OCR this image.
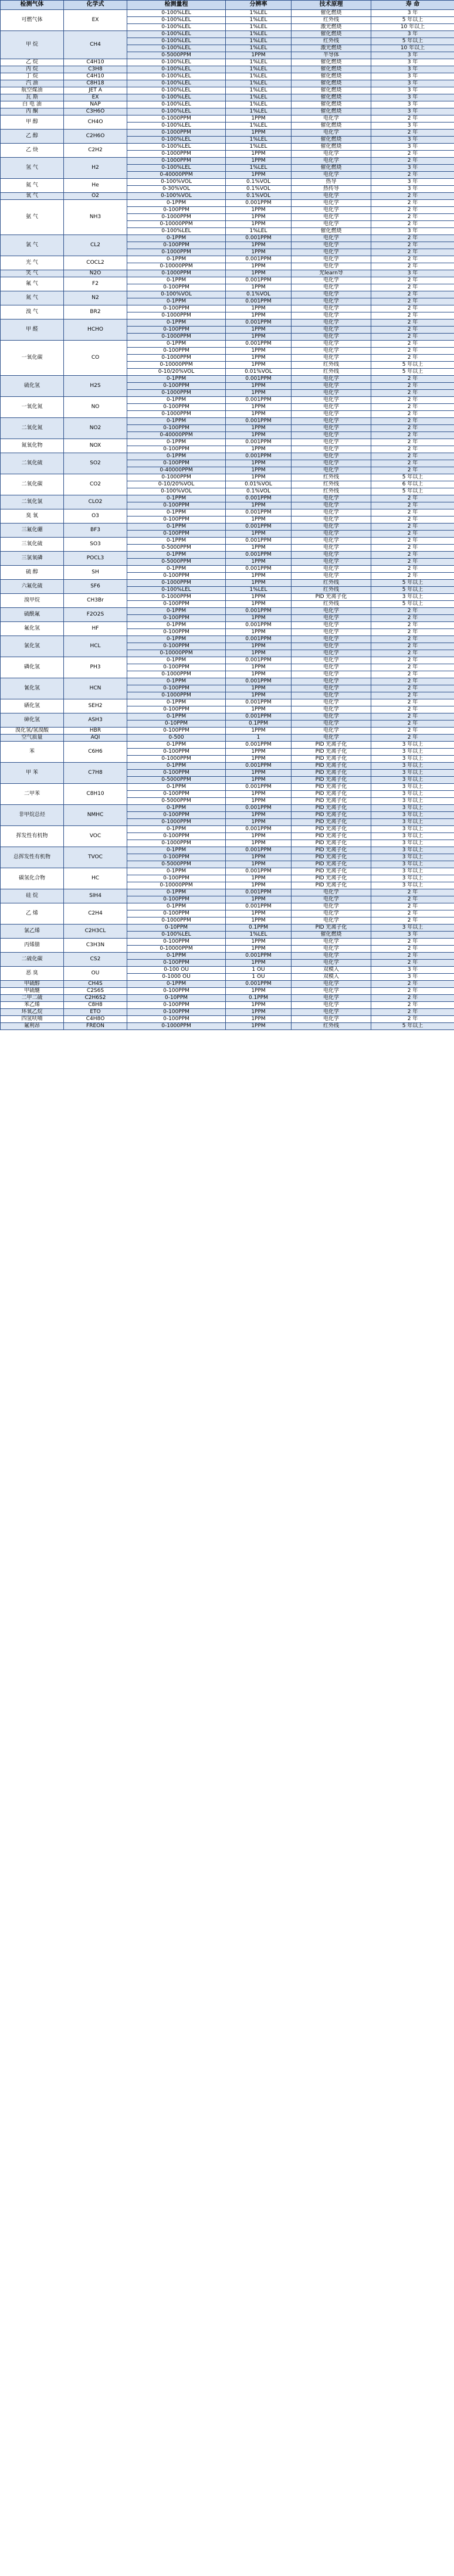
检测气体	化学式	检测量程	分辨率	技术原理	寿 命
可燃气体	EX	0-100%LEL	1%LEL	催化燃烧	3 年
		0-100%LEL	1%LEL	红外线	5 年以上
		0-100%LEL	1%LEL	激光燃烧	10 年以上
甲 烷	CH4	0-100%LEL	1%LEL	催化燃烧	3 年
		0-100%LEL	1%LEL	红外线	5 年以上
		0-100%LEL	1%LEL	激光燃烧	10 年以上
		0-5000PPM	1PPM	半导体	3 年
乙 烷	C4H10	0-100%LEL	1%LEL	催化燃烧	3 年
丙 烷	C3H8	0-100%LEL	1%LEL	催化燃烧	3 年
丁 烷	C4H10	0-100%LEL	1%LEL	催化燃烧	3 年
汽 油	C8H18	0-100%LEL	1%LEL	催化燃烧	3 年
航空煤油	JET A	0-100%LEL	1%LEL	催化燃烧	3 年
瓦 斯	EX	0-100%LEL	1%LEL	催化燃烧	3 年
白 电 油	NAP	0-100%LEL	1%LEL	催化燃烧	3 年
丙 酮	C3H6O	0-100%LEL	1%LEL	催化燃烧	3 年
甲 醇	CH4O	0-1000PPM	1PPM	电化学	2 年
		0-100%LEL	1%LEL	催化燃烧	3 年
乙 醇	C2H6O	0-1000PPM	1PPM	电化学	2 年
		0-100%LEL	1%LEL	催化燃烧	3 年
乙 炔	C2H2	0-100%LEL	1%LEL	催化燃烧	3 年
		0-1000PPM	1PPM	电化学	2 年
氢 气	H2	0-1000PPM	1PPM	电化学	2 年
		0-100%LEL	1%LEL	催化燃烧	3 年
		0-40000PPM	1PPM	电化学	2 年
氦 气	He	0-100%VOL	0.1%VOL	热导	3 年
		0-30%VOL	0.1%VOL	热传导	3 年
氧 气	O2	0-100%VOL	0.1%VOL	电化学	2 年
氨 气	NH3	0-1PPM	0.001PPM	电化学	2 年
		0-100PPM	1PPM	电化学	2 年
		0-1000PPM	1PPM	电化学	2 年
		0-10000PPM	1PPM	电化学	2 年
		0-100%LEL	1%LEL	催化燃烧	3 年
氯 气	CL2	0-1PPM	0.001PPM	电化学	2 年
		0-100PPM	1PPM	电化学	2 年
		0-1000PPM	1PPM	电化学	2 年
光 气	COCL2	0-1PPM	0.001PPM	电化学	2 年
		0-10000PPM	1PPM	电化学	2 年
笑 气	N2O	0-1000PPM	1PPM	光learn导	3 年
氟 气	F2	0-1PPM	0.001PPM	电化学	2 年
		0-100PPM	1PPM	电化学	2 年
氮 气	N2	0-100%VOL	0.1%VOL	电化学	2 年
		0-1PPM	0.001PPM	电化学	2 年
溴 气	BR2	0-100PPM	1PPM	电化学	2 年
		0-1000PPM	1PPM	电化学	2 年
甲 醛	HCHO	0-1PPM	0.001PPM	电化学	2 年
		0-100PPM	1PPM	电化学	2 年
		0-1000PPM	1PPM	电化学	2 年
一氧化碳	CO	0-1PPM	0.001PPM	电化学	2 年
		0-100PPM	1PPM	电化学	2 年
		0-1000PPM	1PPM	电化学	2 年
		0-10000PPM	1PPM	红外线	5 年以上
		0-10/20%VOL	0.01%VOL	红外线	5 年以上
硫化氢	H2S	0-1PPM	0.001PPM	电化学	2 年
		0-100PPM	1PPM	电化学	2 年
		0-1000PPM	1PPM	电化学	2 年
一氧化氮	NO	0-1PPM	0.001PPM	电化学	2 年
		0-100PPM	1PPM	电化学	2 年
		0-1000PPM	1PPM	电化学	2 年
二氧化氮	NO2	0-1PPM	0.001PPM	电化学	2 年
		0-100PPM	1PPM	电化学	2 年
		0-40000PPM	1PPM	电化学	2 年
氮氧化物	NOX	0-1PPM	0.001PPM	电化学	2 年
		0-100PPM	1PPM	电化学	2 年
二氧化硫	SO2	0-1PPM	0.001PPM	电化学	2 年
		0-100PPM	1PPM	电化学	2 年
		0-40000PPM	1PPM	电化学	2 年
二氧化碳	CO2	0-1000PPM	1PPM	红外线	5 年以上
		0-10/20%VOL	0.01%VOL	红外线	6 年以上
		0-100%VOL	0.1%VOL	红外线	5 年以上
二氧化氯	CLO2	0-1PPM	0.001PPM	电化学	2 年
		0-100PPM	1PPM	电化学	2 年
臭 氧	O3	0-1PPM	0.001PPM	电化学	2 年
		0-100PPM	1PPM	电化学	2 年
三氟化硼	BF3	0-1PPM	0.001PPM	电化学	2 年
		0-100PPM	1PPM	电化学	2 年
三氧化硫	SO3	0-1PPM	0.001PPM	电化学	2 年
		0-5000PPM	1PPM	电化学	2 年
三氯氧磷	POCL3	0-1PPM	0.001PPM	电化学	2 年
		0-5000PPM	1PPM	电化学	2 年
硫 醇	SH	0-1PPM	0.001PPM	电化学	2 年
		0-100PPM	1PPM	电化学	2 年
六氟化硫	SF6	0-1000PPM	1PPM	红外线	5 年以上
		0-100%LEL	1%LEL	红外线	5 年以上
溴甲烷	CH3Br	0-1000PPM	1PPM	PID 光离子化	3 年以上
		0-100PPM	1PPM	红外线	5 年以上
硫酰氟	F2O2S	0-1PPM	0.001PPM	电化学	2 年
		0-100PPM	1PPM	电化学	2 年
氟化氢	HF	0-1PPM	0.001PPM	电化学	2 年
		0-100PPM	1PPM	电化学	2 年
氯化氢	HCL	0-1PPM	0.001PPM	电化学	2 年
		0-100PPM	1PPM	电化学	2 年
		0-10000PPM	1PPM	电化学	2 年
磷化氢	PH3	0-1PPM	0.001PPM	电化学	2 年
		0-100PPM	1PPM	电化学	2 年
		0-1000PPM	1PPM	电化学	2 年
氰化氢	HCN	0-1PPM	0.001PPM	电化学	2 年
		0-100PPM	1PPM	电化学	2 年
		0-1000PPM	1PPM	电化学	2 年
硒化氢	SEH2	0-1PPM	0.001PPM	电化学	2 年
		0-100PPM	1PPM	电化学	2 年
砷化氢	ASH3	0-1PPM	0.001PPM	电化学	2 年
		0-10PPM	0.1PPM	电化学	2 年
溴化氢/氢溴酸	HBR	0-100PPM	1PPM	电化学	2 年
空气质量	AQI	0-500	1	电化学	2 年
苯	C6H6	0-1PPM	0.001PPM	PID 光离子化	3 年以上
		0-100PPM	1PPM	PID 光离子化	3 年以上
		0-1000PPM	1PPM	PID 光离子化	3 年以上
甲 苯	C7H8	0-1PPM	0.001PPM	PID 光离子化	3 年以上
		0-100PPM	1PPM	PID 光离子化	3 年以上
		0-5000PPM	1PPM	PID 光离子化	3 年以上
二甲苯	C8H10	0-1PPM	0.001PPM	PID 光离子化	3 年以上
		0-100PPM	1PPM	PID 光离子化	3 年以上
		0-5000PPM	1PPM	PID 光离子化	3 年以上
非甲烷总烃	NMHC	0-1PPM	0.001PPM	PID 光离子化	3 年以上
		0-100PPM	1PPM	PID 光离子化	3 年以上
		0-1000PPM	1PPM	PID 光离子化	3 年以上
挥发性有机物	VOC	0-1PPM	0.001PPM	PID 光离子化	3 年以上
		0-100PPM	1PPM	PID 光离子化	3 年以上
		0-1000PPM	1PPM	PID 光离子化	3 年以上
总挥发性有机物	TVOC	0-1PPM	0.001PPM	PID 光离子化	3 年以上
		0-100PPM	1PPM	PID 光离子化	3 年以上
		0-5000PPM	1PPM	PID 光离子化	3 年以上
碳氢化合物	HC	0-1PPM	0.001PPM	PID 光离子化	3 年以上
		0-100PPM	1PPM	PID 光离子化	3 年以上
		0-10000PPM	1PPM	PID 光离子化	3 年以上
硅 烷	SIH4	0-1PPM	0.001PPM	电化学	2 年
		0-100PPM	1PPM	电化学	2 年
乙 烯	C2H4	0-1PPM	0.001PPM	电化学	2 年
		0-100PPM	1PPM	电化学	2 年
		0-1000PPM	1PPM	电化学	2 年
氯乙烯	C2H3CL	0-10PPM	0.1PPM	PID 光离子化	3 年以上
		0-100%LEL	1%LEL	催化燃烧	3 年
丙烯腈	C3H3N	0-100PPM	1PPM	电化学	2 年
		0-10000PPM	1PPM	电化学	2 年
二硫化碳	CS2	0-1PPM	0.001PPM	电化学	2 年
		0-100PPM	1PPM	电化学	2 年
恶 臭	OU	0-100 OU	1 OU	双模入	3 年
		0-1000 OU	1 OU	双模入	3 年
甲硫醇	CH4S	0-1PPM	0.001PPM	电化学	2 年
甲硫醚	C2S6S	0-100PPM	1PPM	电化学	2 年
二甲二硫	C2H6S2	0-10PPM	0.1PPM	电化学	2 年
苯乙烯	C8H8	0-100PPM	1PPM	电化学	2 年
环氧乙烷	ETO	0-100PPM	1PPM	电化学	2 年
四氢呋喃	C4H8O	0-100PPM	1PPM	电化学	2 年
氟利昂	FREON	0-1000PPM	1PPM	红外线	5 年以上
